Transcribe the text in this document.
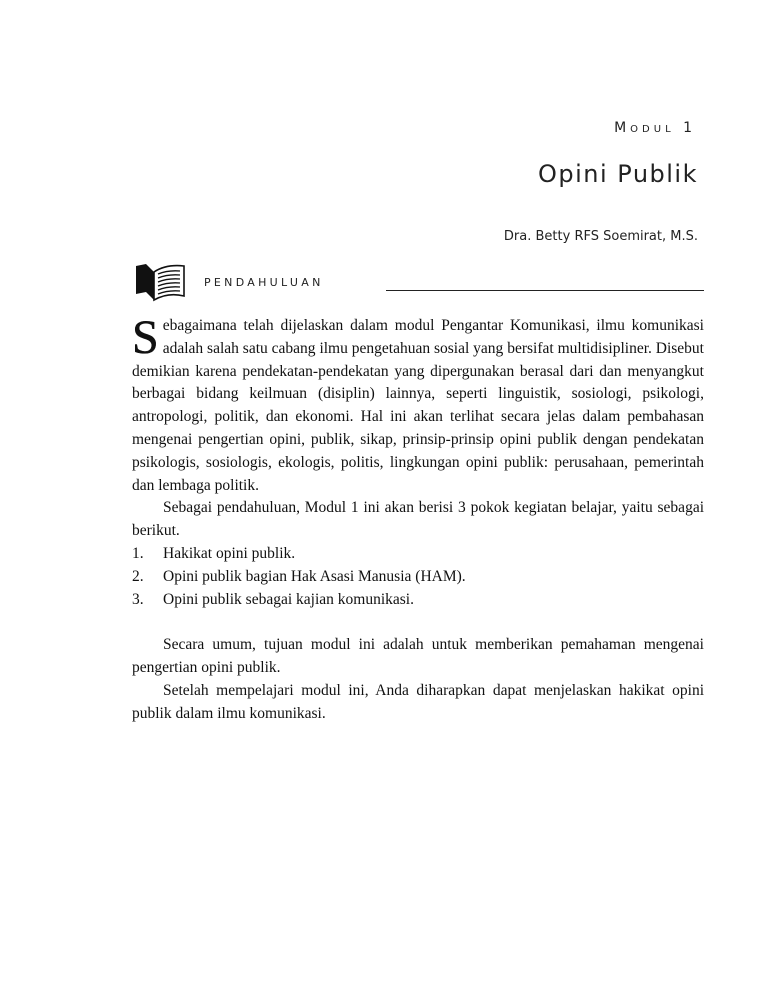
Modul 1
Opini Publik
Dra. Betty RFS Soemirat, M.S.
PENDAHULUAN

Sebagaimana telah dijelaskan dalam modul Pengantar Komunikasi, ilmu komunikasi adalah salah satu cabang ilmu pengetahuan sosial yang bersifat multidisipliner. Disebut demikian karena pendekatan-pendekatan yang dipergunakan berasal dari dan menyangkut berbagai bidang keilmuan (disiplin) lainnya, seperti linguistik, sosiologi, psikologi, antropologi, politik, dan ekonomi. Hal ini akan terlihat secara jelas dalam pembahasan mengenai pengertian opini, publik, sikap, prinsip-prinsip opini publik dengan pendekatan psikologis, sosiologis, ekologis, politis, lingkungan opini publik: perusahaan, pemerintah dan lembaga politik.

Sebagai pendahuluan, Modul 1 ini akan berisi 3 pokok kegiatan belajar, yaitu sebagai berikut.

1.	Hakikat opini publik.
2.	Opini publik bagian Hak Asasi Manusia (HAM).
3.	Opini publik sebagai kajian komunikasi.

Secara umum, tujuan modul ini adalah untuk memberikan pemahaman mengenai pengertian opini publik.

Setelah mempelajari modul ini, Anda diharapkan dapat menjelaskan hakikat opini publik dalam ilmu komunikasi.
